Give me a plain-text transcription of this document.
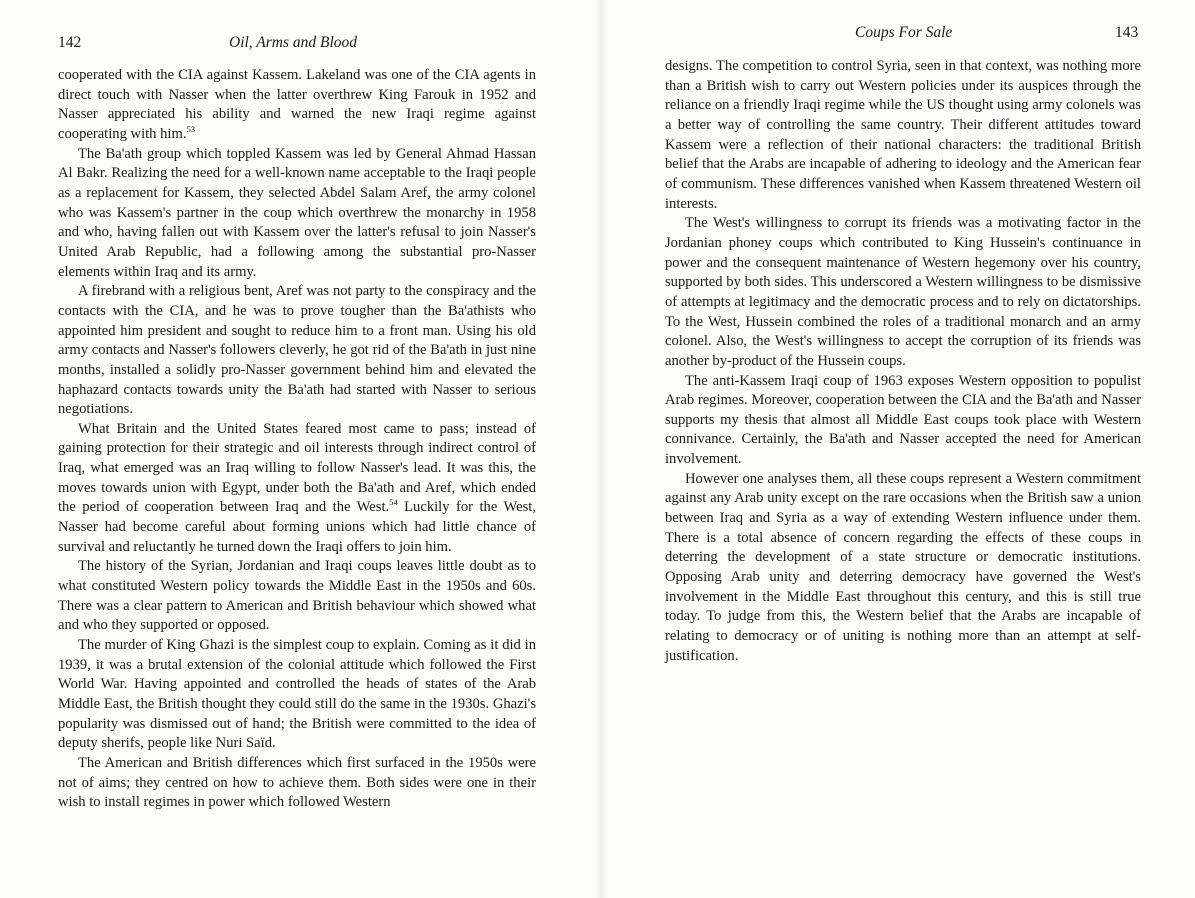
142	Oil, Arms and Blood

cooperated with the CIA against Kassem. Lakeland was one of the CIA agents in direct touch with Nasser when the latter overthrew King Farouk in 1952 and Nasser appreciated his ability and warned the new Iraqi regime against cooperating with him.$^{53}$

The Ba'ath group which toppled Kassem was led by General Ahmad Hassan Al Bakr. Realizing the need for a well-known name acceptable to the Iraqi people as a replacement for Kassem, they selected Abdel Salam Aref, the army colonel who was Kassem's partner in the coup which overthrew the monarchy in 1958 and who, having fallen out with Kassem over the latter's refusal to join Nasser's United Arab Republic, had a following among the substantial pro-Nasser elements within Iraq and its army.

A firebrand with a religious bent, Aref was not party to the conspiracy and the contacts with the CIA, and he was to prove tougher than the Ba'athists who appointed him president and sought to reduce him to a front man. Using his old army contacts and Nasser's followers cleverly, he got rid of the Ba'ath in just nine months, installed a solidly pro-Nasser government behind him and elevated the haphazard contacts towards unity the Ba'ath had started with Nasser to serious negotiations.

What Britain and the United States feared most came to pass; instead of gaining protection for their strategic and oil interests through indirect control of Iraq, what emerged was an Iraq willing to follow Nasser's lead. It was this, the moves towards union with Egypt, under both the Ba'ath and Aref, which ended the period of cooperation between Iraq and the West.$^{54}$ Luckily for the West, Nasser had become careful about forming unions which had little chance of survival and reluctantly he turned down the Iraqi offers to join him.

The history of the Syrian, Jordanian and Iraqi coups leaves little doubt as to what constituted Western policy towards the Middle East in the 1950s and 60s. There was a clear pattern to American and British behaviour which showed what and who they supported or opposed.

The murder of King Ghazi is the simplest coup to explain. Coming as it did in 1939, it was a brutal extension of the colonial attitude which followed the First World War. Having appointed and controlled the heads of states of the Arab Middle East, the British thought they could still do the same in the 1930s. Ghazi's popularity was dismissed out of hand; the British were committed to the idea of deputy sherifs, people like Nuri Saïd.

The American and British differences which first surfaced in the 1950s were not of aims; they centred on how to achieve them. Both sides were one in their wish to install regimes in power which followed Western

Coups For Sale	143

designs. The competition to control Syria, seen in that context, was nothing more than a British wish to carry out Western policies under its auspices through the reliance on a friendly Iraqi regime while the US thought using army colonels was a better way of controlling the same country. Their different attitudes toward Kassem were a reflection of their national characters: the traditional British belief that the Arabs are incapable of adhering to ideology and the American fear of communism. These differences vanished when Kassem threatened Western oil interests.

The West's willingness to corrupt its friends was a motivating factor in the Jordanian phoney coups which contributed to King Hussein's continuance in power and the consequent maintenance of Western hegemony over his country, supported by both sides. This underscored a Western willingness to be dismissive of attempts at legitimacy and the democratic process and to rely on dictatorships. To the West, Hussein combined the roles of a traditional monarch and an army colonel. Also, the West's willingness to accept the corruption of its friends was another by-product of the Hussein coups.

The anti-Kassem Iraqi coup of 1963 exposes Western opposition to populist Arab regimes. Moreover, cooperation between the CIA and the Ba'ath and Nasser supports my thesis that almost all Middle East coups took place with Western connivance. Certainly, the Ba'ath and Nasser accepted the need for American involvement.

However one analyses them, all these coups represent a Western commitment against any Arab unity except on the rare occasions when the British saw a union between Iraq and Syria as a way of extending Western influence under them. There is a total absence of concern regarding the effects of these coups in deterring the development of a state structure or democratic institutions. Opposing Arab unity and deterring democracy have governed the West's involvement in the Middle East throughout this century, and this is still true today. To judge from this, the Western belief that the Arabs are incapable of relating to democracy or of uniting is nothing more than an attempt at self-justification.
